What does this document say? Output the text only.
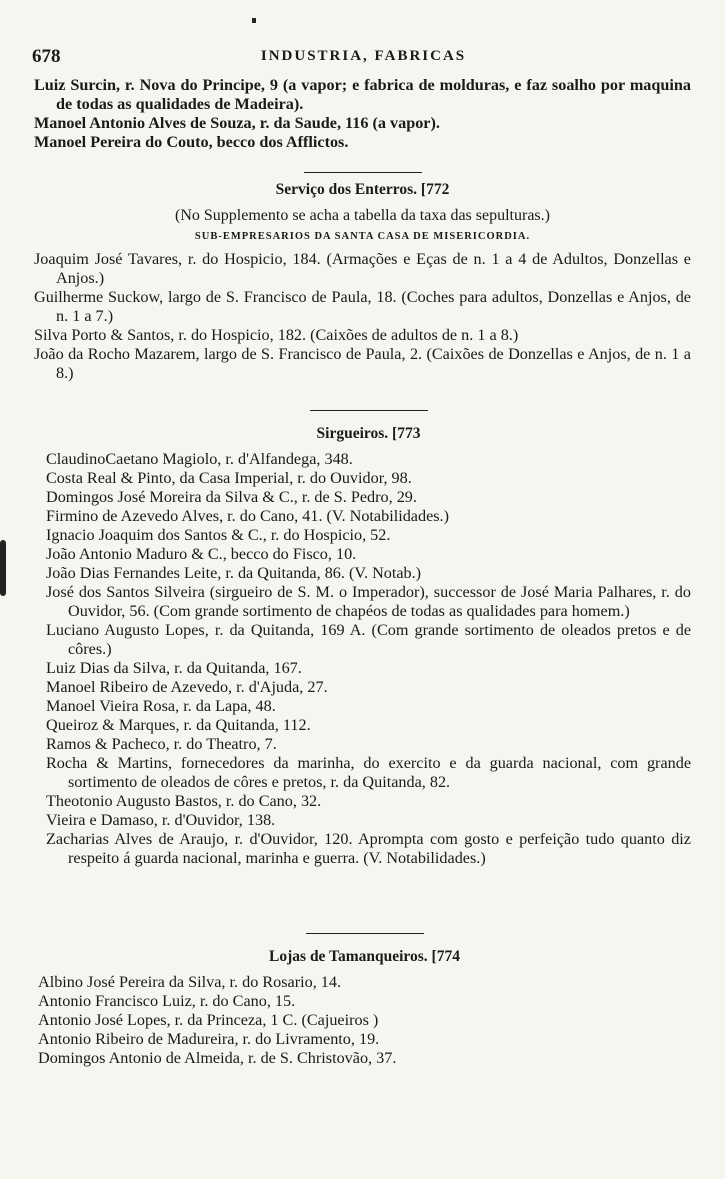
678	INDUSTRIA, FABRICAS
Luiz Surcin, r. Nova do Principe, 9 (a vapor; e fabrica de molduras, e faz soalho por maquina de todas as qualidades de Madeira).
Manoel Antonio Alves de Souza, r. da Saude, 116 (a vapor).
Manoel Pereira do Couto, becco dos Afflictos.
Serviço dos Enterros. [772
(No Supplemento se acha a tabella da taxa das sepulturas.)
SUB-EMPRESARIOS DA SANTA CASA DE MISERICORDIA.
Joaquim José Tavares, r. do Hospicio, 184. (Armações e Eças de n. 1 a 4 de Adultos, Donzellas e Anjos.)
Guilherme Suckow, largo de S. Francisco de Paula, 18. (Coches para adultos, Donzellas e Anjos, de n. 1 a 7.)
Silva Porto & Santos, r. do Hospicio, 182. (Caixões de adultos de n. 1 a 8.)
João da Rocho Mazarem, largo de S. Francisco de Paula, 2. (Caixões de Donzellas e Anjos, de n. 1 a 8.)
Sirgueiros. [773
ClaudinoCaetano Magiolo, r. d'Alfandega, 348.
Costa Real & Pinto, da Casa Imperial, r. do Ouvidor, 98.
Domingos José Moreira da Silva & C., r. de S. Pedro, 29.
Firmino de Azevedo Alves, r. do Cano, 41. (V. Notabilidades.)
Ignacio Joaquim dos Santos & C., r. do Hospicio, 52.
João Antonio Maduro & C., becco do Fisco, 10.
João Dias Fernandes Leite, r. da Quitanda, 86. (V. Notab.)
José dos Santos Silveira (sirgueiro de S. M. o Imperador), successor de José Maria Palhares, r. do Ouvidor, 56. (Com grande sortimento de chapéos de todas as qualidades para homem.)
Luciano Augusto Lopes, r. da Quitanda, 169 A. (Com grande sortimento de oleados pretos e de côres.)
Luiz Dias da Silva, r. da Quitanda, 167.
Manoel Ribeiro de Azevedo, r. d'Ajuda, 27.
Manoel Vieira Rosa, r. da Lapa, 48.
Queiroz & Marques, r. da Quitanda, 112.
Ramos & Pacheco, r. do Theatro, 7.
Rocha & Martins, fornecedores da marinha, do exercito e da guarda nacional, com grande sortimento de oleados de côres e pretos, r. da Quitanda, 82.
Theotonio Augusto Bastos, r. do Cano, 32.
Vieira e Damaso, r. d'Ouvidor, 138.
Zacharias Alves de Araujo, r. d'Ouvidor, 120. Aprompta com gosto e perfeição tudo quanto diz respeito á guarda nacional, marinha e guerra. (V. Notabilidades.)
Lojas de Tamanqueiros. [774
Albino José Pereira da Silva, r. do Rosario, 14.
Antonio Francisco Luiz, r. do Cano, 15.
Antonio José Lopes, r. da Princeza, 1 C. (Cajueiros )
Antonio Ribeiro de Madureira, r. do Livramento, 19.
Domingos Antonio de Almeida, r. de S. Christovão, 37.
